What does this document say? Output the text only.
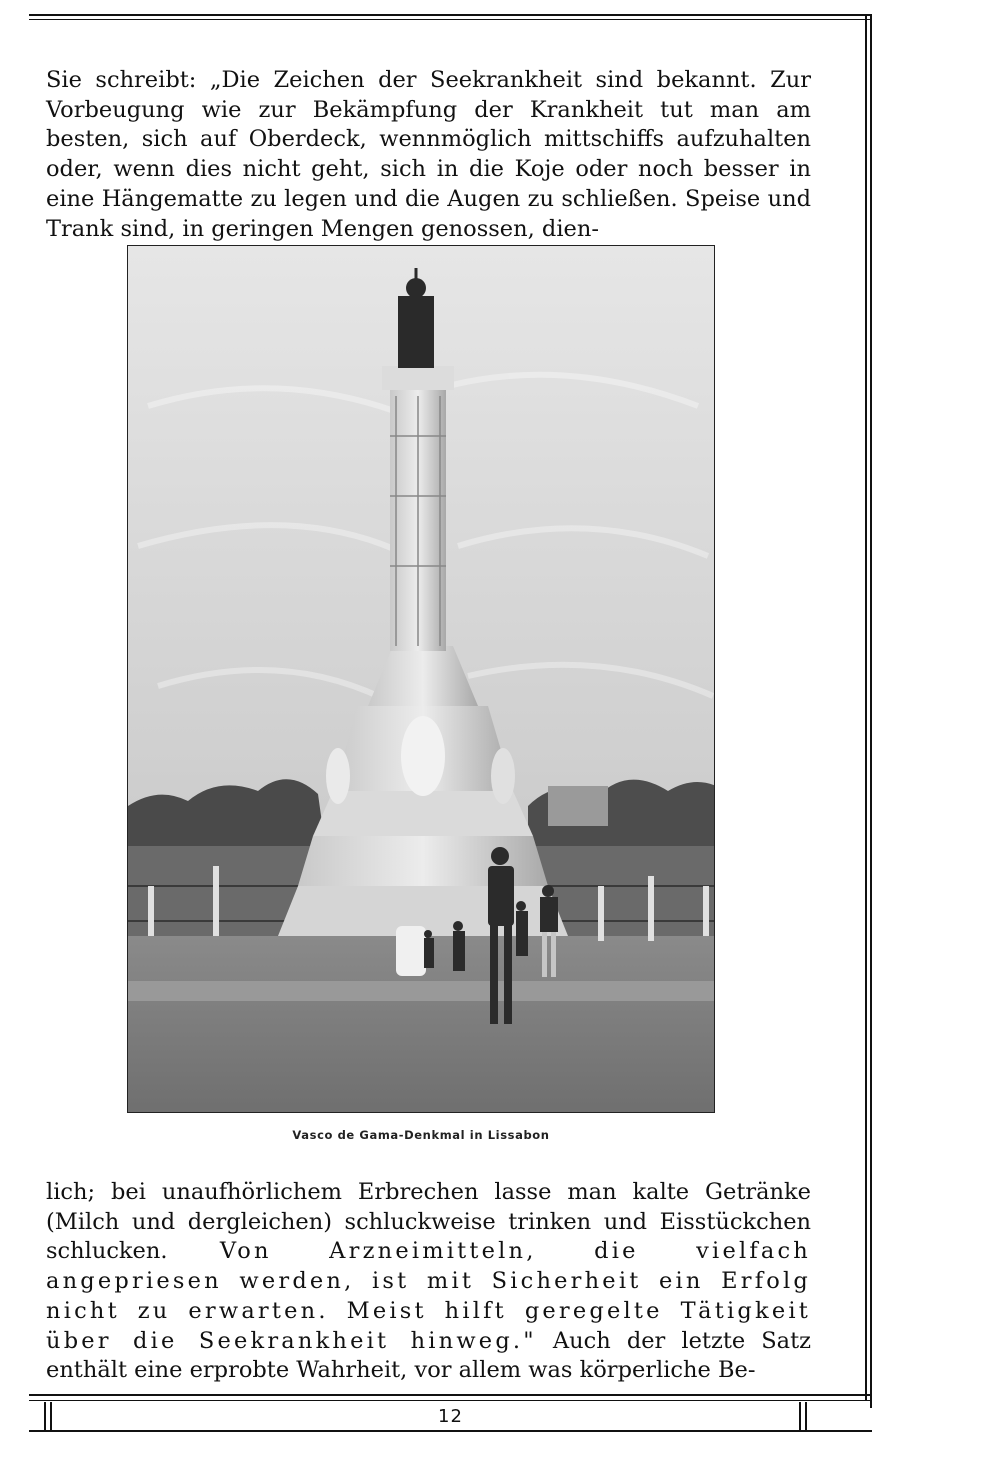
12

Sie schreibt: „Die Zeichen der Seekrankheit sind bekannt. Zur Vorbeugung wie zur Bekämpfung der Krankheit tut man am besten, sich auf Oberdeck, wennmöglich mittschiffs aufzuhalten oder, wenn dies nicht geht, sich in die Koje oder noch besser in eine Hängematte zu legen und die Augen zu schließen. Speise und Trank sind, in geringen Mengen genossen, dien-

Vasco de Gama-Denkmal in Lissabon

lich; bei unaufhörlichem Erbrechen lasse man kalte Getränke (Milch und dergleichen) schluckweise trinken und Eisstückchen schlucken. Von Arzneimitteln, die vielfach angepriesen werden, ist mit Sicherheit ein Erfolg nicht zu erwarten. Meist hilft geregelte Tätigkeit über die Seekrankheit hinweg." Auch der letzte Satz enthält eine erprobte Wahrheit, vor allem was körperliche Be-
